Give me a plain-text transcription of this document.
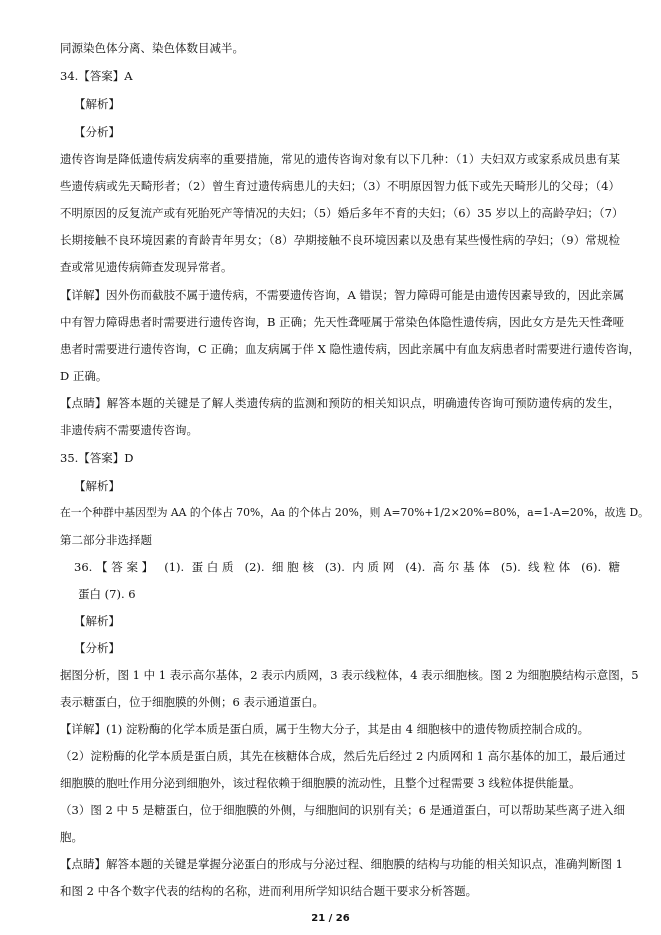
同源染色体分离、染色体数目减半。
34.【答案】A
【解析】
【分析】
遗传咨询是降低遗传病发病率的重要措施，常见的遗传咨询对象有以下几种：（1）夫妇双方或家系成员患有某
些遗传病或先天畸形者；（2）曾生育过遗传病患儿的夫妇；（3）不明原因智力低下或先天畸形儿的父母；（4）
不明原因的反复流产或有死胎死产等情况的夫妇；（5）婚后多年不育的夫妇；（6）35 岁以上的高龄孕妇；（7）
长期接触不良环境因素的育龄青年男女；（8）孕期接触不良环境因素以及患有某些慢性病的孕妇；（9）常规检
查或常见遗传病筛查发现异常者。
【详解】因外伤而截肢不属于遗传病，不需要遗传咨询，A 错误；智力障碍可能是由遗传因素导致的，因此亲属
中有智力障碍患者时需要进行遗传咨询，B 正确；先天性聋哑属于常染色体隐性遗传病，因此女方是先天性聋哑
患者时需要进行遗传咨询，C 正确；血友病属于伴 X 隐性遗传病，因此亲属中有血友病患者时需要进行遗传咨询，
D 正确。
【点睛】解答本题的关键是了解人类遗传病的监测和预防的相关知识点，明确遗传咨询可预防遗传病的发生，
非遗传病不需要遗传咨询。
35.【答案】D
【解析】
在一个种群中基因型为 AA 的个体占 70%，Aa 的个体占 20%，则 A=70%+1/2×20%=80%，a=1-A=20%，故选 D。
第二部分非选择题
36.【答案】 (1). 蛋白质 (2). 细胞核 (3). 内质网 (4). 高尔基体 (5). 线粒体 (6). 糖
蛋白 (7). 6
【解析】
【分析】
据图分析，图 1 中 1 表示高尔基体，2 表示内质网，3 表示线粒体，4 表示细胞核。图 2 为细胞膜结构示意图，5
表示糖蛋白，位于细胞膜的外侧；6 表示通道蛋白。
【详解】(1) 淀粉酶的化学本质是蛋白质，属于生物大分子，其是由 4 细胞核中的遗传物质控制合成的。
（2）淀粉酶的化学本质是蛋白质，其先在核糖体合成，然后先后经过 2 内质网和 1 高尔基体的加工，最后通过
细胞膜的胞吐作用分泌到细胞外，该过程依赖于细胞膜的流动性，且整个过程需要 3 线粒体提供能量。
（3）图 2 中 5 是糖蛋白，位于细胞膜的外侧，与细胞间的识别有关；6 是通道蛋白，可以帮助某些离子进入细
胞。
【点睛】解答本题的关键是掌握分泌蛋白的形成与分泌过程、细胞膜的结构与功能的相关知识点，准确判断图 1
和图 2 中各个数字代表的结构的名称，进而利用所学知识结合题干要求分析答题。
21 / 26
